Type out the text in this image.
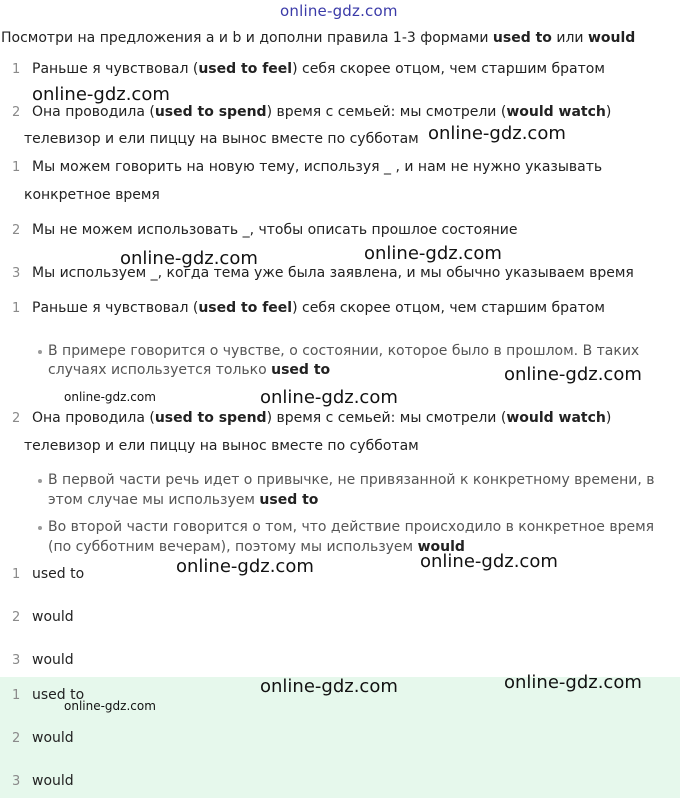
online-gdz.com
Посмотри на предложения a и b и дополни правила 1-3 формами used to или would
1 Раньше я чувствовал (used to feel) себя скорее отцом, чем старшим братом
2 Она проводила (used to spend) время с семьей: мы смотрели (would watch)
телевизор и ели пиццу на вынос вместе по субботам
1 Мы можем говорить на новую тему, используя _ , и нам не нужно указывать
конкретное время
2 Мы не можем использовать _, чтобы описать прошлое состояние
3 Мы используем _, когда тема уже была заявлена, и мы обычно указываем время
1 Раньше я чувствовал (used to feel) себя скорее отцом, чем старшим братом
В примере говорится о чувстве, о состоянии, которое было в прошлом. В таких
случаях используется только used to
2 Она проводила (used to spend) время с семьей: мы смотрели (would watch)
телевизор и ели пиццу на вынос вместе по субботам
В первой части речь идет о привычке, не привязанной к конкретному времени, в
этом случае мы используем used to
Во второй части говорится о том, что действие происходило в конкретное время
(по субботним вечерам), поэтому мы используем would
1 used to
2 would
3 would
1 used to
2 would
3 would
online-gdz.com
online-gdz.com
online-gdz.com	online-gdz.com
online-gdz.com
online-gdz.com	online-gdz.com
online-gdz.com	online-gdz.com
online-gdz.com	online-gdz.com
online-gdz.com
